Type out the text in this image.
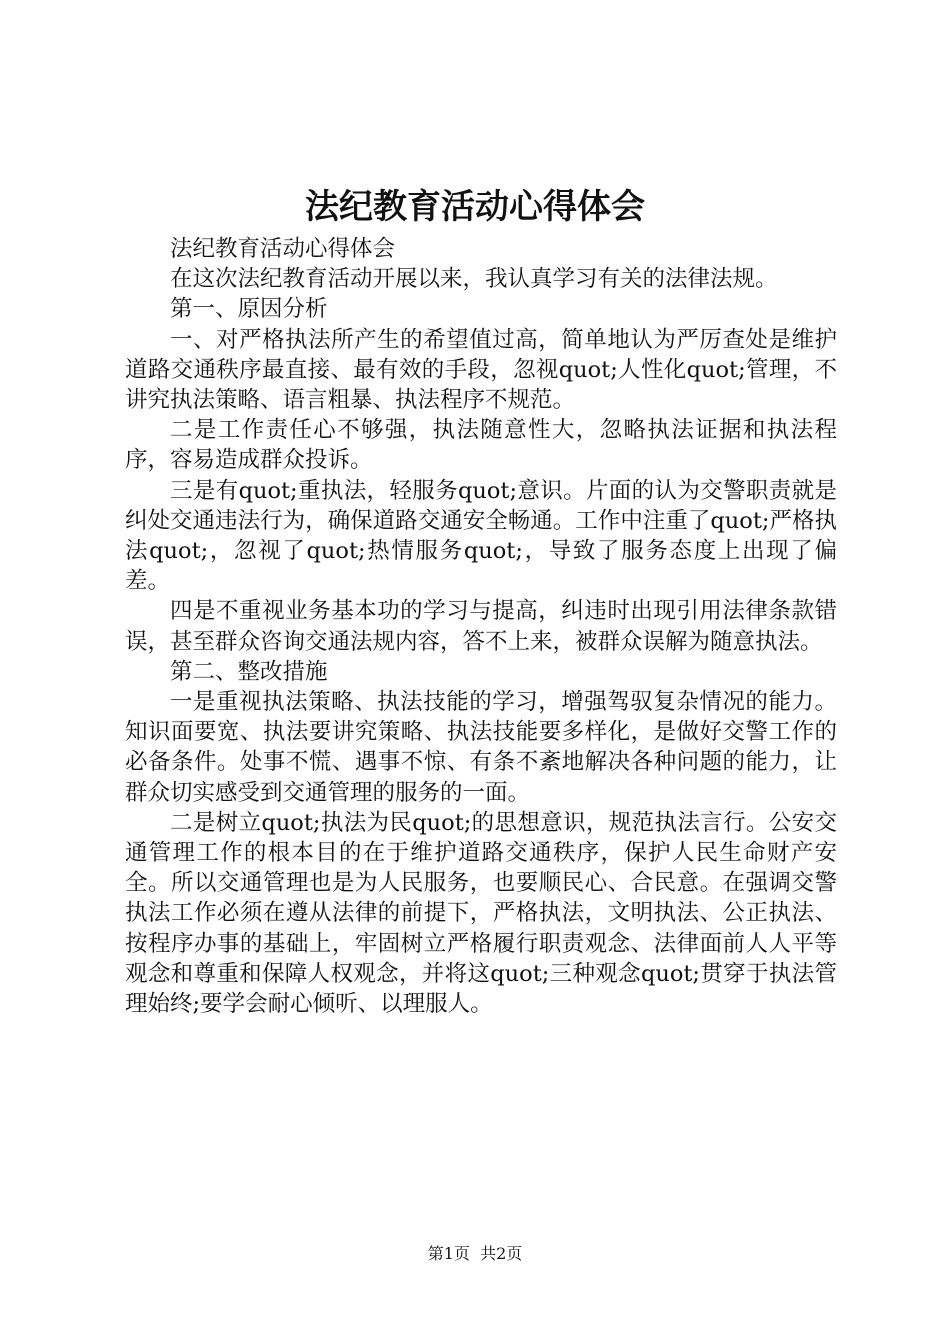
法纪教育活动心得体会

法纪教育活动心得体会

在这次法纪教育活动开展以来，我认真学习有关的法律法规。

第一、原因分析

一、对严格执法所产生的希望值过高，简单地认为严厉查处是维护道路交通秩序最直接、最有效的手段，忽视quot;人性化quot;管理，不讲究执法策略、语言粗暴、执法程序不规范。

二是工作责任心不够强，执法随意性大，忽略执法证据和执法程序，容易造成群众投诉。

三是有quot;重执法，轻服务quot;意识。片面的认为交警职责就是纠处交通违法行为，确保道路交通安全畅通。工作中注重了quot;严格执法quot;，忽视了quot;热情服务quot;，导致了服务态度上出现了偏差。

四是不重视业务基本功的学习与提高，纠违时出现引用法律条款错误，甚至群众咨询交通法规内容，答不上来，被群众误解为随意执法。

第二、整改措施

一是重视执法策略、执法技能的学习，增强驾驭复杂情况的能力。知识面要宽、执法要讲究策略、执法技能要多样化，是做好交警工作的必备条件。处事不慌、遇事不惊、有条不紊地解决各种问题的能力，让群众切实感受到交通管理的服务的一面。

二是树立quot;执法为民quot;的思想意识，规范执法言行。公安交通管理工作的根本目的在于维护道路交通秩序，保护人民生命财产安全。所以交通管理也是为人民服务，也要顺民心、合民意。在强调交警执法工作必须在遵从法律的前提下，严格执法，文明执法、公正执法、按程序办事的基础上，牢固树立严格履行职责观念、法律面前人人平等观念和尊重和保障人权观念，并将这quot;三种观念quot;贯穿于执法管理始终;要学会耐心倾听、以理服人。

第1页 共2页
